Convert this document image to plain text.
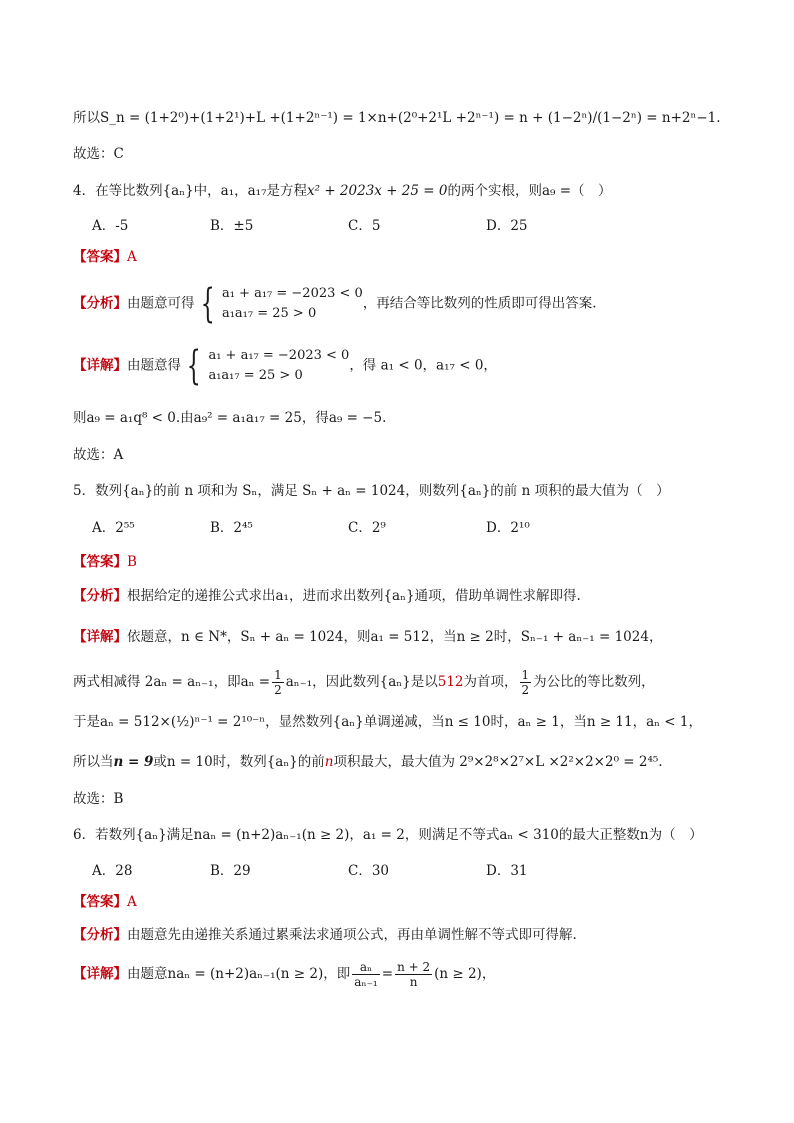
所以S_n = (1+2⁰)+(1+2¹)+L +(1+2ⁿ⁻¹) = 1×n+(2⁰+2¹L +2ⁿ⁻¹) = n + (1−2ⁿ)/(1−2ⁿ) = n+2ⁿ−1.
故选：C
4．在等比数列{aₙ}中，a₁，a₁₇是方程x² + 2023x + 25 = 0的两个实根，则a₉ =（　）
A．-5	B．±5	C．5	D．25
【答案】A
【分析】由题意可得 { a₁ + a₁₇ = −2023 < 0
a₁a₁₇ = 25 > 0
，再结合等比数列的性质即可得出答案.
【详解】由题意得 { a₁ + a₁₇ = −2023 < 0
a₁a₁₇ = 25 > 0
，得 a₁ < 0，a₁₇ < 0，
则a₉ = a₁q⁸ < 0.由a₉² = a₁a₁₇ = 25，得a₉ = −5.
故选：A
5．数列{aₙ}的前 n 项和为 Sₙ，满足 Sₙ + aₙ = 1024，则数列{aₙ}的前 n 项积的最大值为（　）
A．2⁵⁵	B．2⁴⁵	C．2⁹	D．2¹⁰
【答案】B
【分析】根据给定的递推公式求出a₁，进而求出数列{aₙ}通项，借助单调性求解即得.
【详解】依题意，n ∈ N*，Sₙ + aₙ = 1024，则a₁ = 512，当n ≥ 2时，Sₙ₋₁ + aₙ₋₁ = 1024，
两式相减得 2aₙ = aₙ₋₁，即$a_n = \frac{1}{2} a_{n-1}$，因此数列{aₙ}是以512为首项， $\frac{1}{2}$ 为公比的等比数列，
于是aₙ = 512×(½)ⁿ⁻¹ = 2¹⁰⁻ⁿ，显然数列{aₙ}单调递减，当n ≤ 10时，aₙ ≥ 1，当n ≥ 11，aₙ < 1，
所以当n = 9或n = 10时，数列{aₙ}的前n项积最大，最大值为 2⁹×2⁸×2⁷×L ×2²×2×2⁰ = 2⁴⁵.
故选：B
6．若数列{aₙ}满足naₙ = (n+2)aₙ₋₁(n ≥ 2)，a₁ = 2，则满足不等式aₙ < 310的最大正整数n为（　）
A．28	B．29	C．30	D．31
【答案】A
【分析】由题意先由递推关系通过累乘法求通项公式，再由单调性解不等式即可得解.
【详解】由题意naₙ = (n+2)aₙ₋₁(n ≥ 2)，即 $\frac{\text{aₙ}}{\text{aₙ₋₁}} = \frac{n + 2}{n} (n \ge 2)$，
